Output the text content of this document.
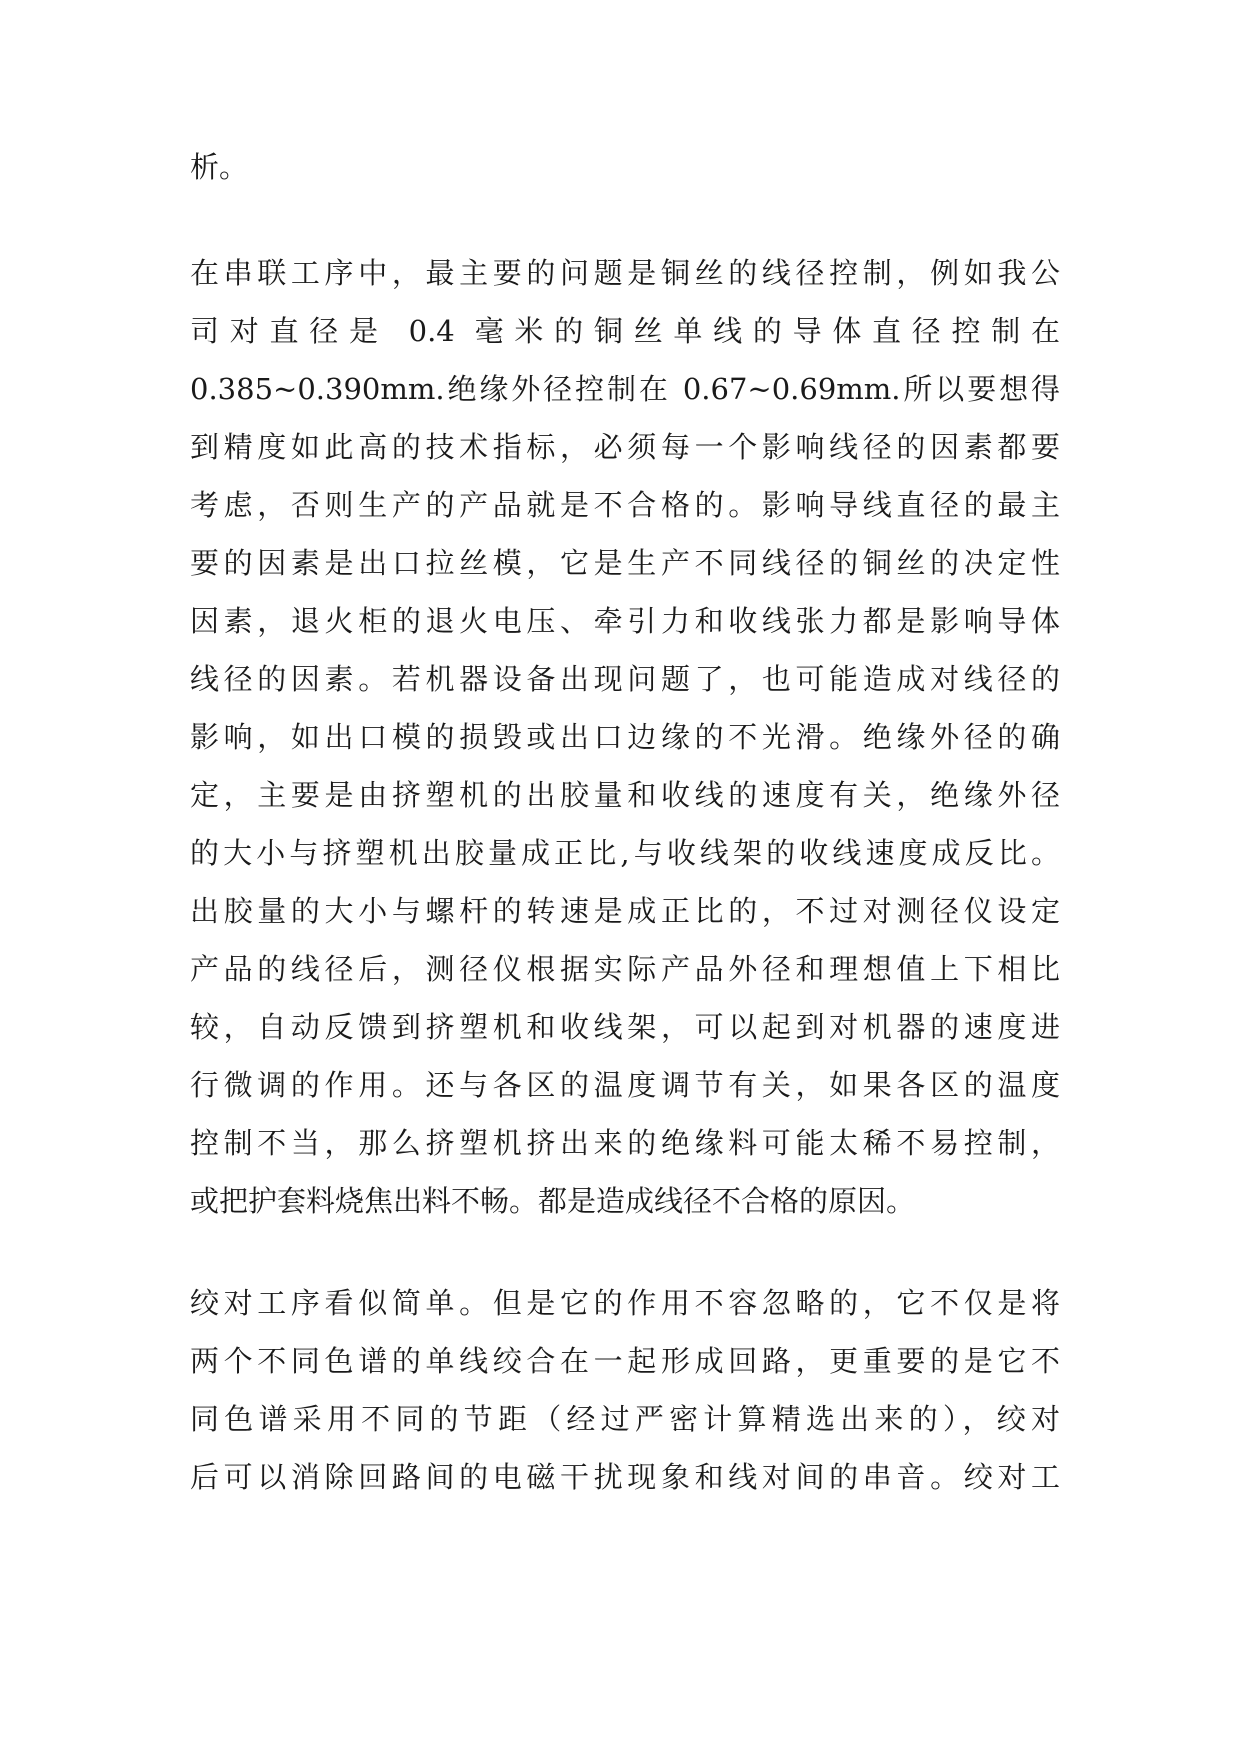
析。
在串联工序中，最主要的问题是铜丝的线径控制，例如我公
司对直径是 0.4 毫米的铜丝单线的导体直径控制在
0.385~0.390mm.绝缘外径控制在 0.67~0.69mm.所以要想得
到精度如此高的技术指标，必须每一个影响线径的因素都要
考虑，否则生产的产品就是不合格的。影响导线直径的最主
要的因素是出口拉丝模，它是生产不同线径的铜丝的决定性
因素，退火柜的退火电压、牵引力和收线张力都是影响导体
线径的因素。若机器设备出现问题了，也可能造成对线径的
影响，如出口模的损毁或出口边缘的不光滑。绝缘外径的确
定，主要是由挤塑机的出胶量和收线的速度有关，绝缘外径
的大小与挤塑机出胶量成正比,与收线架的收线速度成反比。
出胶量的大小与螺杆的转速是成正比的，不过对测径仪设定
产品的线径后，测径仪根据实际产品外径和理想值上下相比
较，自动反馈到挤塑机和收线架，可以起到对机器的速度进
行微调的作用。还与各区的温度调节有关，如果各区的温度
控制不当，那么挤塑机挤出来的绝缘料可能太稀不易控制，
或把护套料烧焦出料不畅。都是造成线径不合格的原因。
绞对工序看似简单。但是它的作用不容忽略的，它不仅是将
两个不同色谱的单线绞合在一起形成回路，更重要的是它不
同色谱采用不同的节距（经过严密计算精选出来的），绞对
后可以消除回路间的电磁干扰现象和线对间的串音。绞对工
